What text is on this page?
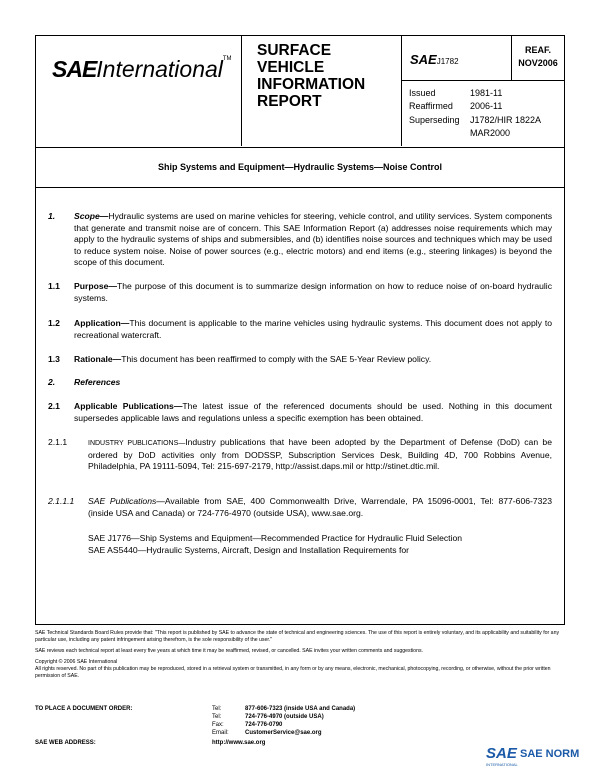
SAEInternational™ SURFACE
VEHICLE
INFORMATION
REPORT
SAEJ1782
REAF.
NOV2006
Issued	1981-11
Reaffirmed 2006-11
Superseding J1782/HIR 1822A
MAR2000
Ship Systems and Equipment—Hydraulic Systems—Noise Control
1. Scope—Hydraulic systems are used on marine vehicles for steering, vehicle control, and utility services. System components that generate and transmit noise are of concern. This SAE Information Report (a) addresses noise requirements which may apply to the hydraulic systems of ships and submersibles, and (b) identifies noise sources and techniques which may be used to reduce system noise. Noise of power sources (e.g., electric motors) and end items (e.g., steering linkages) is beyond the scope of this document.
1.1 Purpose—The purpose of this document is to summarize design information on how to reduce noise of on-board hydraulic systems.
1.2 Application—This document is applicable to the marine vehicles using hydraulic systems. This document does not apply to recreational watercraft.
1.3 Rationale—This document has been reaffirmed to comply with the SAE 5-Year Review policy.
2. References
2.1 Applicable Publications—The latest issue of the referenced documents should be used. Nothing in this document supersedes applicable laws and regulations unless a specific exemption has been obtained.
2.1.1	INDUSTRY PUBLICATIONS—Industry publications that have been adopted by the Department of Defense (DoD) can be ordered by DoD activities only from DODSSP, Subscription Services Desk, Building 4D, 700 Robbins Avenue, Philadelphia, PA 19111-5094, Tel: 215-697-2179, http://assist.daps.mil or http://stinet.dtic.mil.
2.1.1.1 SAE Publications—Available from SAE, 400 Commonwealth Drive, Warrendale, PA 15096-0001, Tel: 877-606-7323 (inside USA and Canada) or 724-776-4970 (outside USA), www.sae.org.
SAE J1776—Ship Systems and Equipment—Recommended Practice for Hydraulic Fluid Selection
SAE AS5440—Hydraulic Systems, Aircraft, Design and Installation Requirements for
SAE Technical Standards Board Rules provide that: "This report is published by SAE to advance the state of technical and engineering sciences. The use of this report is entirely voluntary, and its applicability and suitability for any particular use, including any patent infringement arising therefrom, is the sole responsibility of the user."
SAE reviews each technical report at least every five years at which time it may be reaffirmed, revised, or cancelled. SAE invites your written comments and suggestions.
Copyright © 2006 SAE International
All rights reserved. No part of this publication may be reproduced, stored in a retrieval system or transmitted, in any form or by any means, electronic, mechanical, photocopying, recording, or otherwise, without the prior written permission of SAE.
TO PLACE A DOCUMENT ORDER:	Tel:	877-606-7323 (inside USA and Canada)
Tel:	724-776-4970 (outside USA)
Fax:	724-776-0790
Email:	CustomerService@sae.org
SAE WEB ADDRESS:	http://www.sae.org
SAE SAE NORM
INTERNATIONAL
